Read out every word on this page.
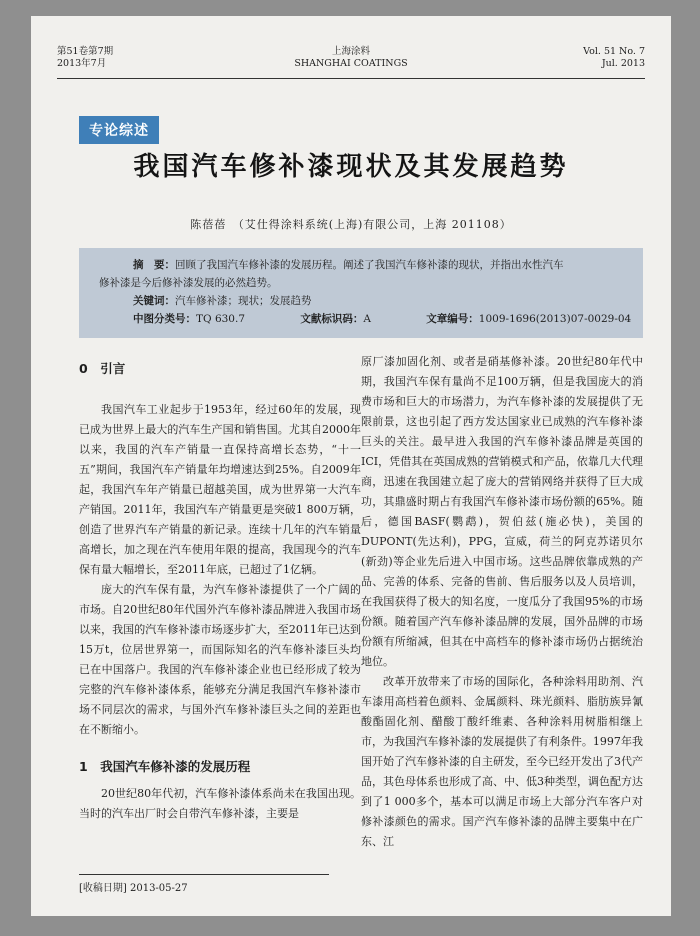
第51卷第7期
2013年7月
上海涂料
SHANGHAI COATINGS
Vol. 51 No. 7
Jul. 2013
专论综述
我国汽车修补漆现状及其发展趋势
陈蓓蓓　（艾仕得涂料系统(上海)有限公司，上海 201108）
摘　要：回顾了我国汽车修补漆的发展历程。阐述了我国汽车修补漆的现状，并指出水性汽车
修补漆是今后修补漆发展的必然趋势。
关键词：汽车修补漆；现状；发展趋势
中图分类号：TQ 630.7	文献标识码：A	文章编号：1009-1696(2013)07-0029-04
0　引言

我国汽车工业起步于1953年，经过60年的发展，现已成为世界上最大的汽车生产国和销售国。尤其自2000年以来，我国的汽车产销量一直保持高增长态势，“十一五”期间，我国汽车产销量年均增速达到25%。自2009年起，我国汽车年产销量已超越美国，成为世界第一大汽车产销国。2011年，我国汽车产销量更是突破1 800万辆，创造了世界汽车产销量的新记录。连续十几年的汽车销量高增长，加之现在汽车使用年限的提高，我国现今的汽车保有量大幅增长，至2011年底，已超过了1亿辆。

庞大的汽车保有量，为汽车修补漆提供了一个广阔的市场。自20世纪80年代国外汽车修补漆品牌进入我国市场以来，我国的汽车修补漆市场逐步扩大，至2011年已达到15万t，位居世界第一，而国际知名的汽车修补漆巨头均已在中国落户。我国的汽车修补漆企业也已经形成了较为完整的汽车修补漆体系，能够充分满足我国汽车修补漆市场不同层次的需求，与国外汽车修补漆巨头之间的差距也在不断缩小。

1　我国汽车修补漆的发展历程

20世纪80年代初，汽车修补漆体系尚未在我国出现。当时的汽车出厂时会自带汽车修补漆，主要是

原厂漆加固化剂、或者是硝基修补漆。20世纪80年代中期，我国汽车保有量尚不足100万辆，但是我国庞大的消费市场和巨大的市场潜力，为汽车修补漆的发展提供了无限前景，这也引起了西方发达国家业已成熟的汽车修补漆巨头的关注。最早进入我国的汽车修补漆品牌是英国的ICI，凭借其在英国成熟的营销模式和产品，依靠几大代理商，迅速在我国建立起了庞大的营销网络并获得了巨大成功，其鼎盛时期占有我国汽车修补漆市场份额的65%。随后，德国BASF(鹦鹉)，贺伯兹(施必快)，美国的DUPONT(先达利)，PPG，宣威，荷兰的阿克苏诺贝尔(新劲)等企业先后进入中国市场。这些品牌依靠成熟的产品、完善的体系、完备的售前、售后服务以及人员培训，在我国获得了极大的知名度，一度瓜分了我国95%的市场份额。随着国产汽车修补漆品牌的发展，国外品牌的市场份额有所缩减，但其在中高档车的修补漆市场仍占据统治地位。

改革开放带来了市场的国际化，各种涂料用助剂、汽车漆用高档着色颜料、金属颜料、珠光颜料、脂肪族异氰酸酯固化剂、醋酸丁酸纤维素、各种涂料用树脂相继上市，为我国汽车修补漆的发展提供了有利条件。1997年我国开始了汽车修补漆的自主研发，至今已经开发出了3代产品，其色母体系也形成了高、中、低3种类型，调色配方达到了1 000多个，基本可以满足市场上大部分汽车客户对修补漆颜色的需求。国产汽车修补漆的品牌主要集中在广东、江

[收稿日期] 2013-05-27
